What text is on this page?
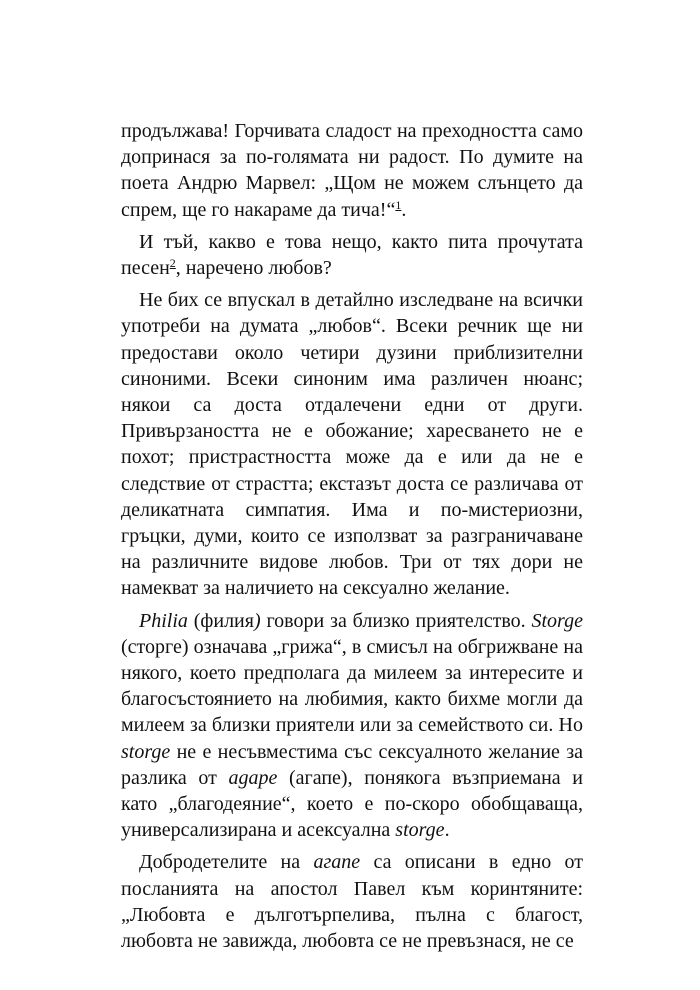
продължава! Горчивата сладост на преходността само допринася за по-голямата ни радост. По думите на поета Андрю Марвел: „Щом не можем слънцето да спрем, ще го накараме да тича!“$^1$.

И тъй, какво е това нещо, както пита прочутата песен$^2$, наречено любов?

Не бих се впускал в детайлно изследване на всички употреби на думата „любов“. Всеки речник ще ни предостави около четири дузини приблизителни синоними. Всеки синоним има различен нюанс; някои са доста отдалечени едни от други. Привързаността не е обожание; харесването не е похот; пристрастността може да е или да не е следствие от страстта; екстазът доста се различава от деликатната симпатия. Има и по-мистериозни, гръцки, думи, които се използват за разграничаване на различните видове любов. Три от тях дори не намекват за наличието на сексуално желание.

Philia (филия) говори за близко приятелство. Storge (сторге) означава „грижа“, в смисъл на обгрижване на някого, което предполага да милеем за интересите и благосъстоянието на любимия, както бихме могли да милеем за близки приятели или за семейството си. Но storge не е несъвместима със сексуалното желание за разлика от agape (агапе), понякога възприемана и като „благодеяние“, което е по-скоро обобщаваща, универсализирана и асексуална storge.

Добродетелите на агапе са описани в едно от посланията на апостол Павел към коринтяните: „Любовта е дълготърпелива, пълна с благост, любовта не завижда, любовта се не превъзнася, не се
